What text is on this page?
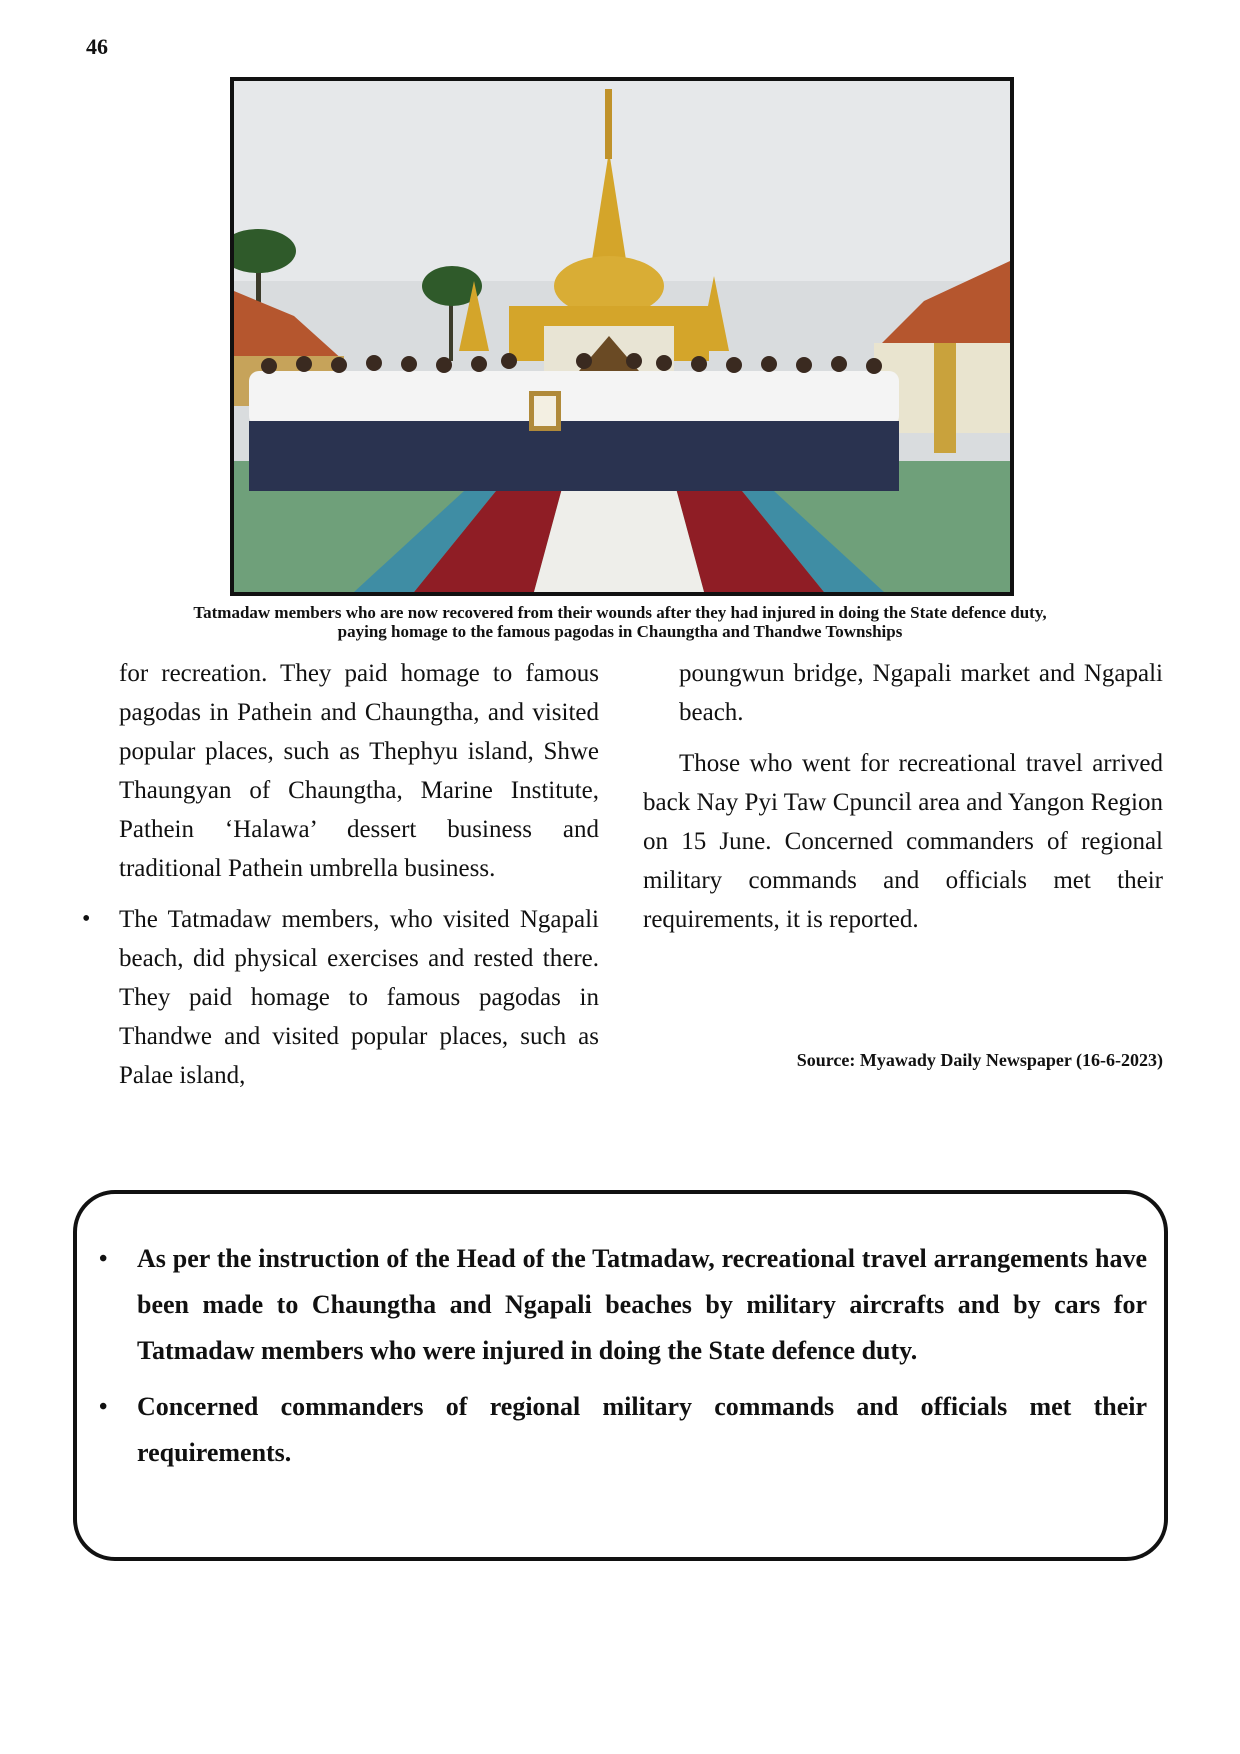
46
Tatmadaw members who are now recovered from their wounds after they had injured in doing the State defence duty,
paying homage to the famous pagodas in Chaungtha and Thandwe Townships

for recreation. They paid homage to famous pagodas in Pathein and Chaungtha, and visited popular places, such as Thephyu island, Shwe Thaungyan of Chaungtha, Marine Institute, Pathein ‘Halawa’ dessert business and traditional Pathein umbrella business.

• The Tatmadaw members, who visited Ngapali beach, did physical exercises and rested there. They paid homage to famous pagodas in Thandwe and visited popular places, such as Palae island,

poungwun bridge, Ngapali market and Ngapali beach.

Those who went for recreational travel arrived back Nay Pyi Taw Cpuncil area and Yangon Region on 15 June. Concerned commanders of regional military commands and officials met their requirements, it is reported.

Source: Myawady Daily Newspaper (16-6-2023)
• As per the instruction of the Head of the Tatmadaw, recreational travel arrangements have been made to Chaungtha and Ngapali beaches by military aircrafts and by cars for Tatmadaw members who were injured in doing the State defence duty.
• Concerned commanders of regional military commands and officials met their requirements.
